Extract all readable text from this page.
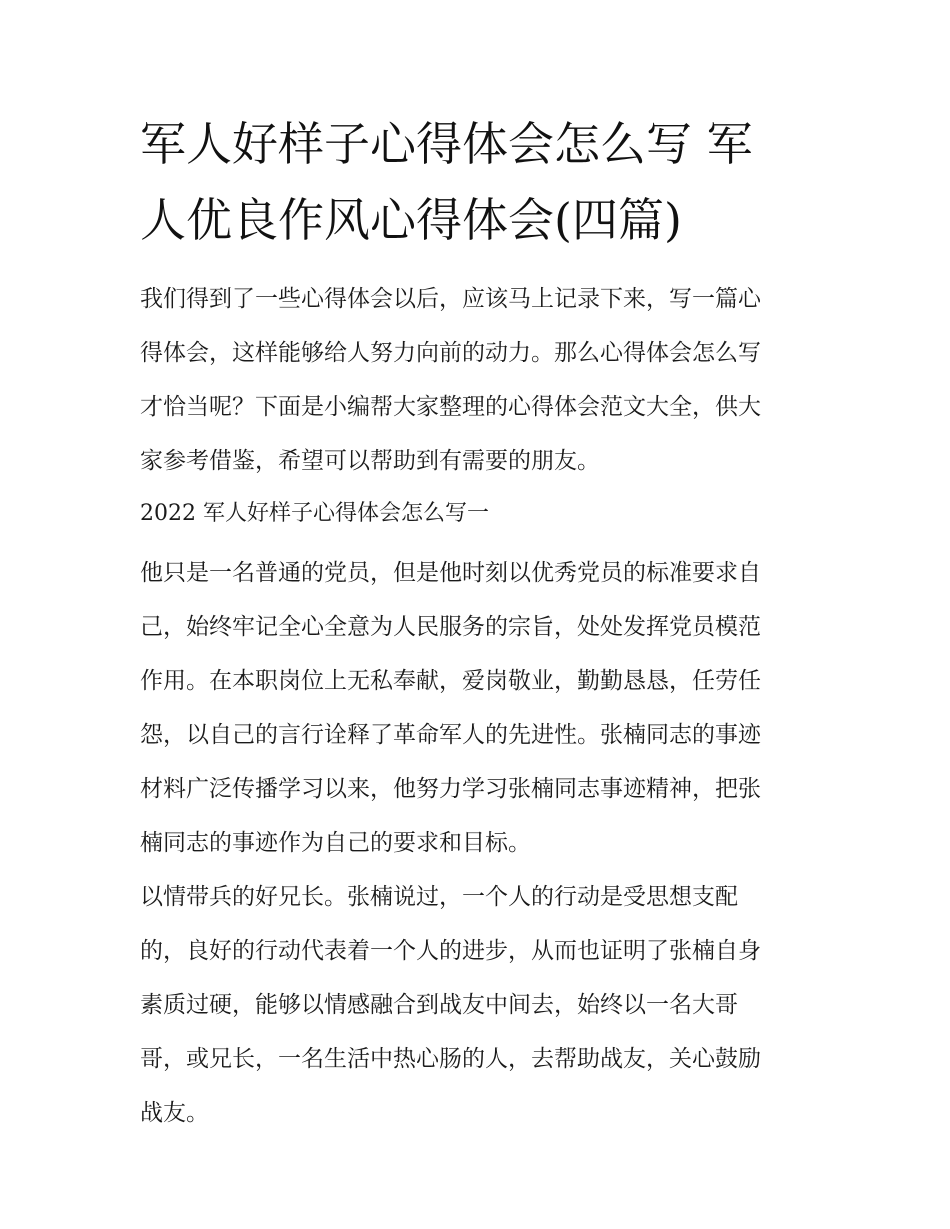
军人好样子心得体会怎么写 军
人优良作风心得体会(四篇)

我们得到了一些心得体会以后，应该马上记录下来，写一篇心
得体会，这样能够给人努力向前的动力。那么心得体会怎么写
才恰当呢？下面是小编帮大家整理的心得体会范文大全，供大
家参考借鉴，希望可以帮助到有需要的朋友。

2022 军人好样子心得体会怎么写一

他只是一名普通的党员，但是他时刻以优秀党员的标准要求自
己，始终牢记全心全意为人民服务的宗旨，处处发挥党员模范
作用。在本职岗位上无私奉献，爱岗敬业，勤勤恳恳，任劳任
怨，以自己的言行诠释了革命军人的先进性。张楠同志的事迹
材料广泛传播学习以来，他努力学习张楠同志事迹精神，把张
楠同志的事迹作为自己的要求和目标。

以情带兵的好兄长。张楠说过，一个人的行动是受思想支配
的，良好的行动代表着一个人的进步，从而也证明了张楠自身
素质过硬，能够以情感融合到战友中间去，始终以一名大哥
哥，或兄长，一名生活中热心肠的人，去帮助战友，关心鼓励
战友。
